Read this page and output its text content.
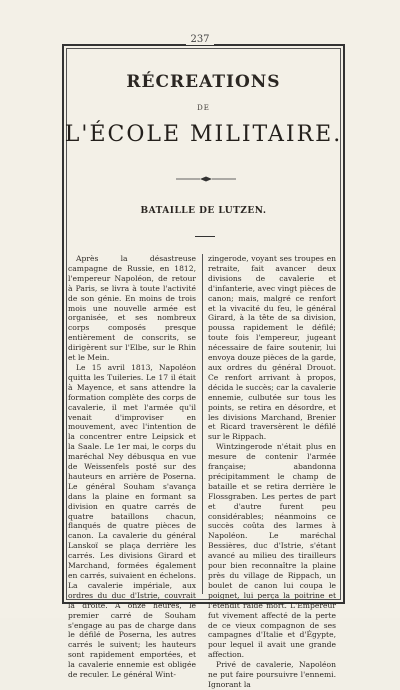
237
RÉCREATIONS
DE
L'ÉCOLE MILITAIRE.
BATAILLE DE LUTZEN.

Après la désastreuse campagne de Russie, en 1812, l'empereur Napoléon, de retour à Paris, se livra à toute l'activité de son génie. En moins de trois mois une nouvelle armée est organisée, et ses nombreux corps composés presque entièrement de conscrits, se dirigèrent sur l'Elbe, sur le Rhin et le Mein.

Le 15 avril 1813, Napoléon quitta les Tuileries. Le 17 il était à Mayence, et sans attendre la formation complète des corps de cavalerie, il met l'armée qu'il venait d'improviser en mouvement, avec l'intention de la concentrer entre Leipsick et la Saale. Le 1er mai, le corps du maréchal Ney débusqua en vue de Weissenfels posté sur des hauteurs en arrière de Poserna. Le général Souham s'avança dans la plaine en formant sa division en quatre carrés de quatre bataillons chacun, flanqués de quatre pièces de canon. La cavalerie du général Lanskoï se plaça derrière les carrés. Les divisions Girard et Marchand, formées également en carrés, suivaient en échelons. La cavalerie impériale, aux ordres du duc d'Istrie, couvrait la droite. A onze heures, le premier carré de Souham s'engage au pas de charge dans le défilé de Poserna, les autres carrés le suivent; les hauteurs sont rapidement emportées, et la cavalerie ennemie est obligée de reculer. Le général Wint-

zingerode, voyant ses troupes en retraite, fait avancer deux divisions de cavalerie et d'infanterie, avec vingt pièces de canon; mais, malgré ce renfort et la vivacité du feu, le général Girard, à la tête de sa division, poussa rapidement le défilé; toute fois l'empereur, jugeant nécessaire de faire soutenir, lui envoya douze pièces de la garde, aux ordres du général Drouot. Ce renfort arrivant à propos, décida le succès; car la cavalerie ennemie, culbutée sur tous les points, se retira en désordre, et les divisions Marchand, Brenier et Ricard traversèrent le défilé sur le Rippach.

Wintzingerode n'était plus en mesure de contenir l'armée française; abandonna précipitamment le champ de bataille et se retira derrière le Flossgraben. Les pertes de part et d'autre furent peu considérables; néanmoins ce succès coûta des larmes à Napoléon. Le maréchal Bessières, duc d'Istrie, s'étant avancé au milieu des tirailleurs pour bien reconnaître la plaine près du village de Rippach, un boulet de canon lui coupa le poignet, lui perça la poitrine et l'étendit raide mort. L'Empereur fut vivement affecté de la perte de ce vieux compagnon de ses campagnes d'Italie et d'Égypte, pour lequel il avait une grande affection.

Privé de cavalerie, Napoléon ne put faire poursuivre l'ennemi. Ignorant la
